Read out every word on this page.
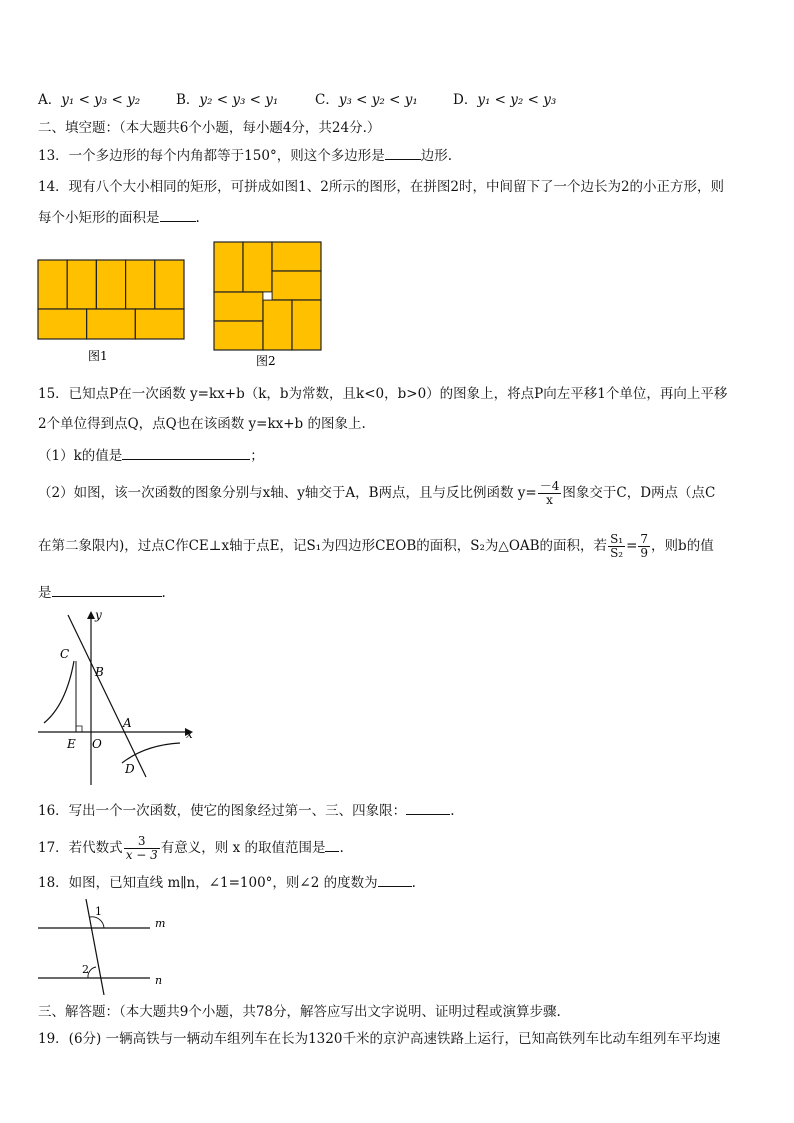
A．y₁ < y₃ < y₂	B．y₂ < y₃ < y₁	C．y₃ < y₂ < y₁	D．y₁ < y₂ < y₃
二、填空题：（本大题共6个小题，每小题4分，共24分.）
13．一个多边形的每个内角都等于150°，则这个多边形是	边形.
14．现有八个大小相同的矩形，可拼成如图1、2所示的图形，在拼图2时，中间留下了一个边长为2的小正方形，则
每个小矩形的面积是	.
图1	图2
15．已知点P在一次函数 y=kx+b（k，b为常数，且k<0，b>0）的图象上，将点P向左平移1个单位，再向上平移
2个单位得到点Q，点Q也在该函数 y=kx+b 的图象上.
（1）k的值是	；
（2）如图，该一次函数的图象分别与x轴、y轴交于A，B两点，且与反比例函数 $y= \frac{-4}{x}$ 图象交于C，D两点（点C
在第二象限内)，过点C作CE⊥x轴于点E，记S₁为四边形CEOB的面积，S₂为△OAB的面积，若 $\frac{\text{S₁}}{\text{S₂}} = \frac{7}{9}$ ，则b的值
是	.
y
x
C
B
A
E O
D
16．写出一个一次函数，使它的图象经过第一、三、四象限：	.
17．若代数式 $\frac{3}{x - 3}$ 有意义，则 x 的取值范围是 .
18．如图，已知直线 m∥n，∠1=100°，则∠2 的度数为	.
1
2
m
n
三、解答题：（本大题共9个小题，共78分，解答应写出文字说明、证明过程或演算步骤.
19．(6分) 一辆高铁与一辆动车组列车在长为1320千米的京沪高速铁路上运行，已知高铁列车比动车组列车平均速
